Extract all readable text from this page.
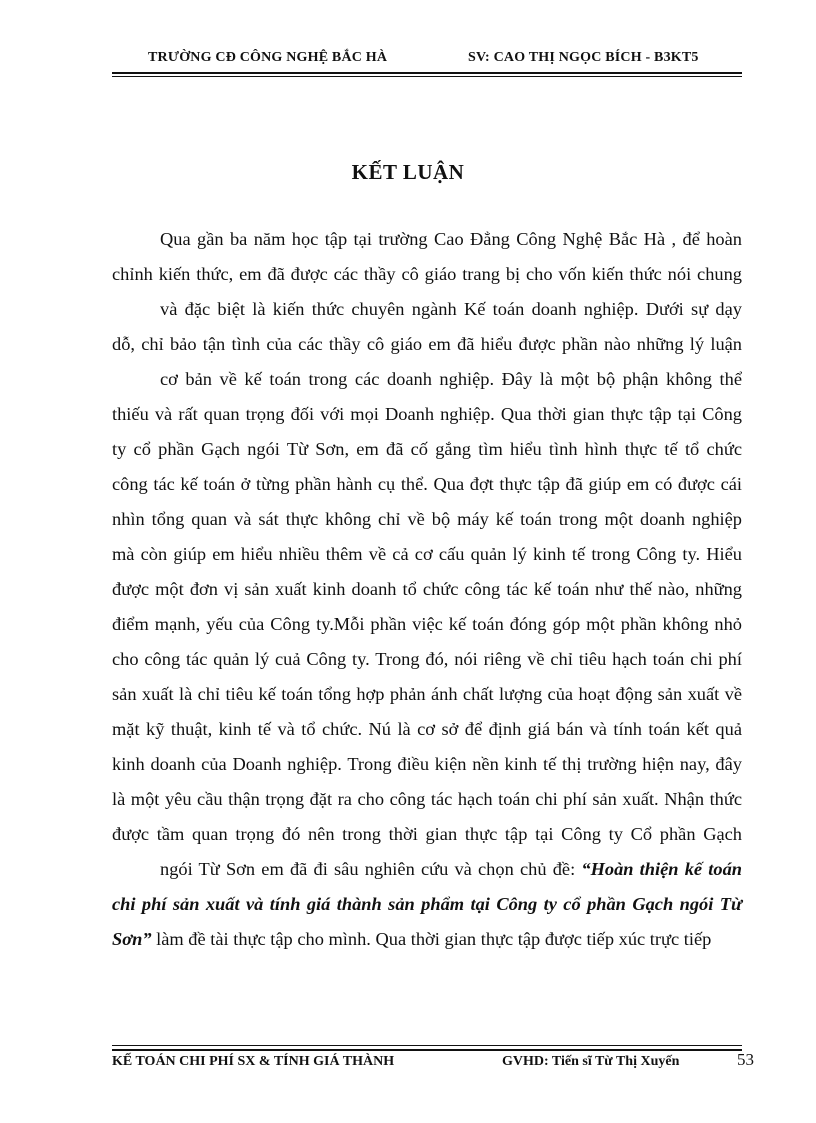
TRƯỜNG CĐ CÔNG NGHỆ BẮC HÀ	SV: CAO THỊ NGỌC BÍCH - B3KT5
KẾT LUẬN
Qua gần ba năm học tập tại trường Cao Đẳng Công Nghệ Bắc Hà , để hoàn
chỉnh kiến thức, em đã được các thầy cô giáo trang bị cho vốn kiến thức nói chung
và đặc biệt là kiến thức chuyên ngành Kế toán doanh nghiệp. Dưới sự dạy
dỗ, chỉ bảo tận tình của các thầy cô giáo em đã hiểu được phần nào những lý luận
cơ bản về kế toán trong các doanh nghiệp. Đây là một bộ phận không thể
thiếu và rất quan trọng đối với mọi Doanh nghiệp. Qua thời gian thực tập tại Công
ty cổ phần Gạch ngói Từ Sơn, em đã cố gắng tìm hiểu tình hình thực tế tổ chức
công tác kế toán ở từng phần hành cụ thể. Qua đợt thực tập đã giúp em có được cái
nhìn tổng quan và sát thực không chỉ về bộ máy kế toán trong một doanh nghiệp
mà còn giúp em hiểu nhiều thêm về cả cơ cấu quản lý kinh tế trong Công ty. Hiểu
được một đơn vị sản xuất kinh doanh tổ chức công tác kế toán như thế nào, những
điểm mạnh, yếu của Công ty.Mỗi phần việc kế toán đóng góp một phần không nhỏ
cho công tác quản lý cuả Công ty. Trong đó, nói riêng về chỉ tiêu hạch toán chi phí
sản xuất là chỉ tiêu kế toán tổng hợp phản ánh chất lượng của hoạt động sản xuất về
mặt kỹ thuật, kinh tế và tổ chức. Nú là cơ sở để định giá bán và tính toán kết quả
kinh doanh của Doanh nghiệp. Trong điều kiện nền kinh tế thị trường hiện nay, đây
là một yêu cầu thận trọng đặt ra cho công tác hạch toán chi phí sản xuất. Nhận thức
được tầm quan trọng đó nên trong thời gian thực tập tại Công ty Cổ phần Gạch
ngói Từ Sơn em đã đi sâu nghiên cứu và chọn chủ đề: “Hoàn thiện kế toán
chi phí sản xuất và tính giá thành sản phẩm tại Công ty cổ phần Gạch ngói Từ
Sơn” làm đề tài thực tập cho mình. Qua thời gian thực tập được tiếp xúc trực tiếp
KẾ TOÁN CHI PHÍ SX & TÍNH GIÁ THÀNH	GVHD: Tiến sĩ Từ Thị Xuyến	53
